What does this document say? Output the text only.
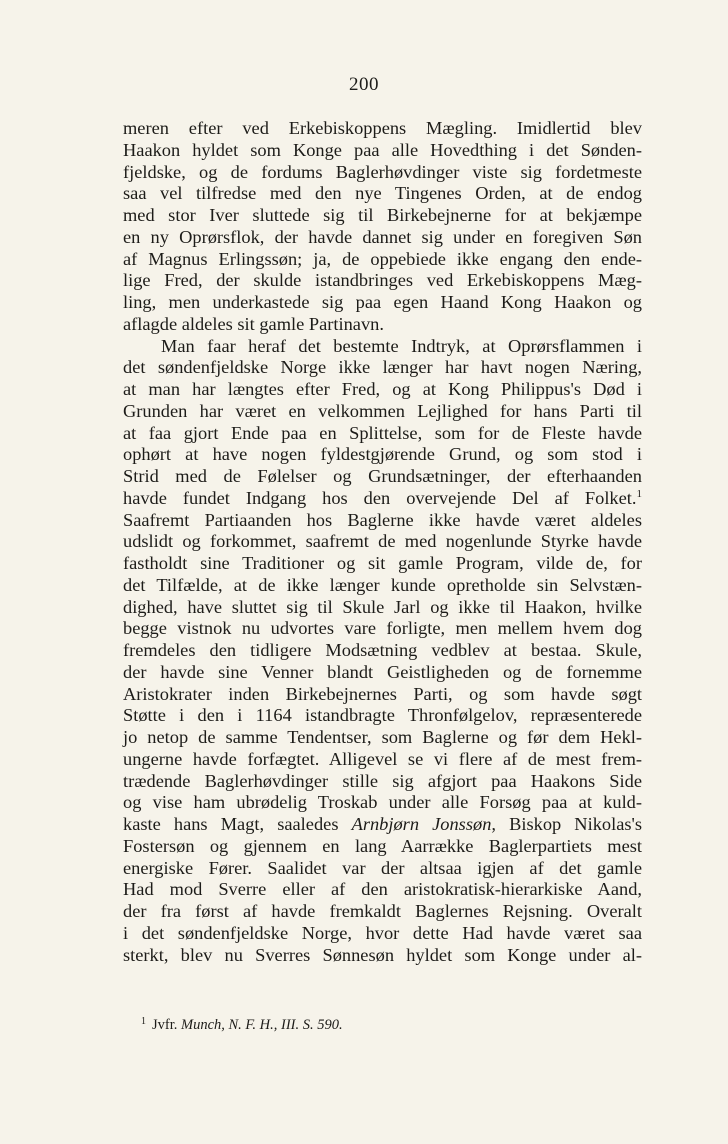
200
meren efter ved Erkebiskoppens Mægling. Imidlertid blev
Haakon hyldet som Konge paa alle Hovedthing i det Sønden-
fjeldske, og de fordums Baglerhøvdinger viste sig fordetmeste
saa vel tilfredse med den nye Tingenes Orden, at de endog
med stor Iver sluttede sig til Birkebejnerne for at bekjæmpe
en ny Oprørsflok, der havde dannet sig under en foregiven Søn
af Magnus Erlingssøn; ja, de oppebiede ikke engang den ende-
lige Fred, der skulde istandbringes ved Erkebiskoppens Mæg-
ling, men underkastede sig paa egen Haand Kong Haakon og
aflagde aldeles sit gamle Partinavn.
Man faar heraf det bestemte Indtryk, at Oprørsflammen i
det søndenfjeldske Norge ikke længer har havt nogen Næring,
at man har længtes efter Fred, og at Kong Philippus's Død i
Grunden har været en velkommen Lejlighed for hans Parti til
at faa gjort Ende paa en Splittelse, som for de Fleste havde
ophørt at have nogen fyldestgjørende Grund, og som stod i
Strid med de Følelser og Grundsætninger, der efterhaanden
havde fundet Indgang hos den overvejende Del af Folket.$^1$
Saafremt Partiaanden hos Baglerne ikke havde været aldeles
udslidt og forkommet, saafremt de med nogenlunde Styrke havde
fastholdt sine Traditioner og sit gamle Program, vilde de, for
det Tilfælde, at de ikke længer kunde opretholde sin Selvstæn-
dighed, have sluttet sig til Skule Jarl og ikke til Haakon, hvilke
begge vistnok nu udvortes vare forligte, men mellem hvem dog
fremdeles den tidligere Modsætning vedblev at bestaa. Skule,
der havde sine Venner blandt Geistligheden og de fornemme
Aristokrater inden Birkebejnernes Parti, og som havde søgt
Støtte i den i 1164 istandbragte Thronfølgelov, repræsenterede
jo netop de samme Tendentser, som Baglerne og før dem Hekl-
ungerne havde forfægtet. Alligevel se vi flere af de mest frem-
trædende Baglerhøvdinger stille sig afgjort paa Haakons Side
og vise ham ubrødelig Troskab under alle Forsøg paa at kuld-
kaste hans Magt, saaledes Arnbjørn Jonssøn, Biskop Nikolas's
Fostersøn og gjennem en lang Aarrække Baglerpartiets mest
energiske Fører. Saalidet var der altsaa igjen af det gamle
Had mod Sverre eller af den aristokratisk-hierarkiske Aand,
der fra først af havde fremkaldt Baglernes Rejsning. Overalt
i det søndenfjeldske Norge, hvor dette Had havde været saa
sterkt, blev nu Sverres Sønnesøn hyldet som Konge under al-
$^1$ Jvfr. Munch, N. F. H., III. S. 590.
